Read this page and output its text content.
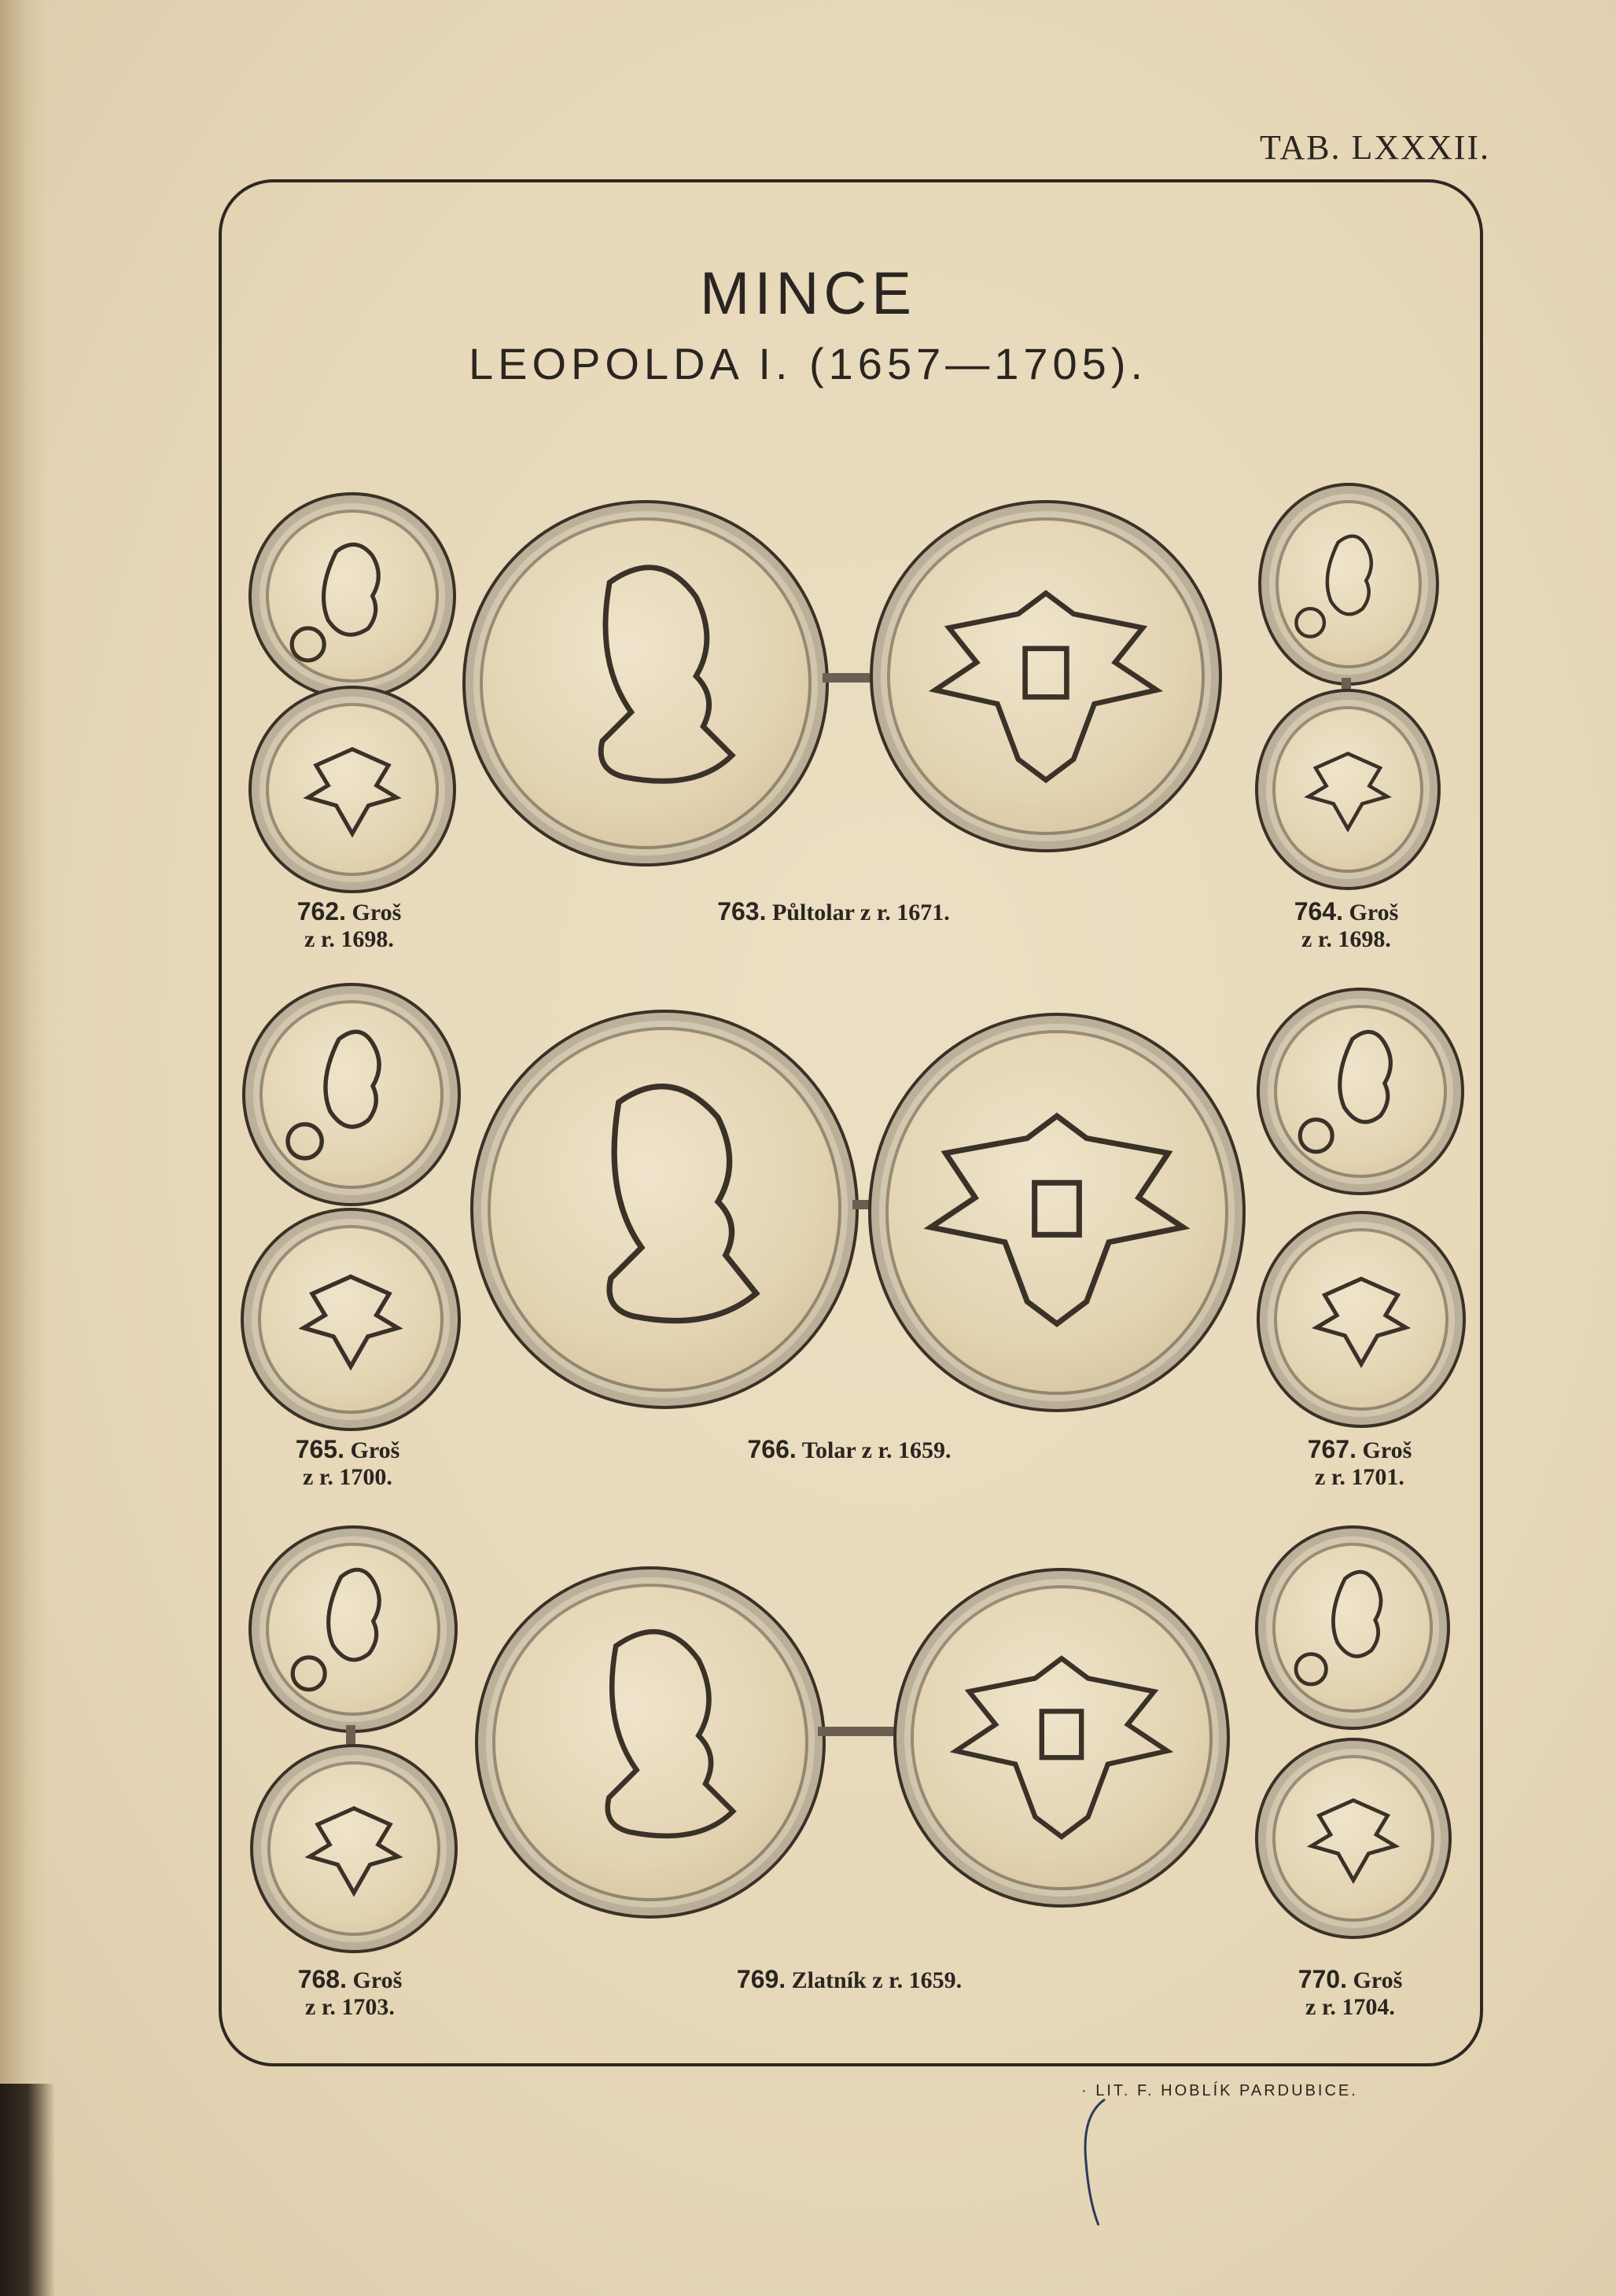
TAB. LXXXII.
MINCE
LEOPOLDA I. (1657—1705).
762. Groš
z r. 1698.
763. Půltolar z r. 1671.	764. Groš
z r. 1698.
765. Groš
z r. 1700.
766. Tolar z r. 1659.	767. Groš
z r. 1701.
768. Groš
z r. 1703.
769. Zlatník z r. 1659.	770. Groš
z r. 1704.
· LIT. F. HOBLÍK PARDUBICE.
